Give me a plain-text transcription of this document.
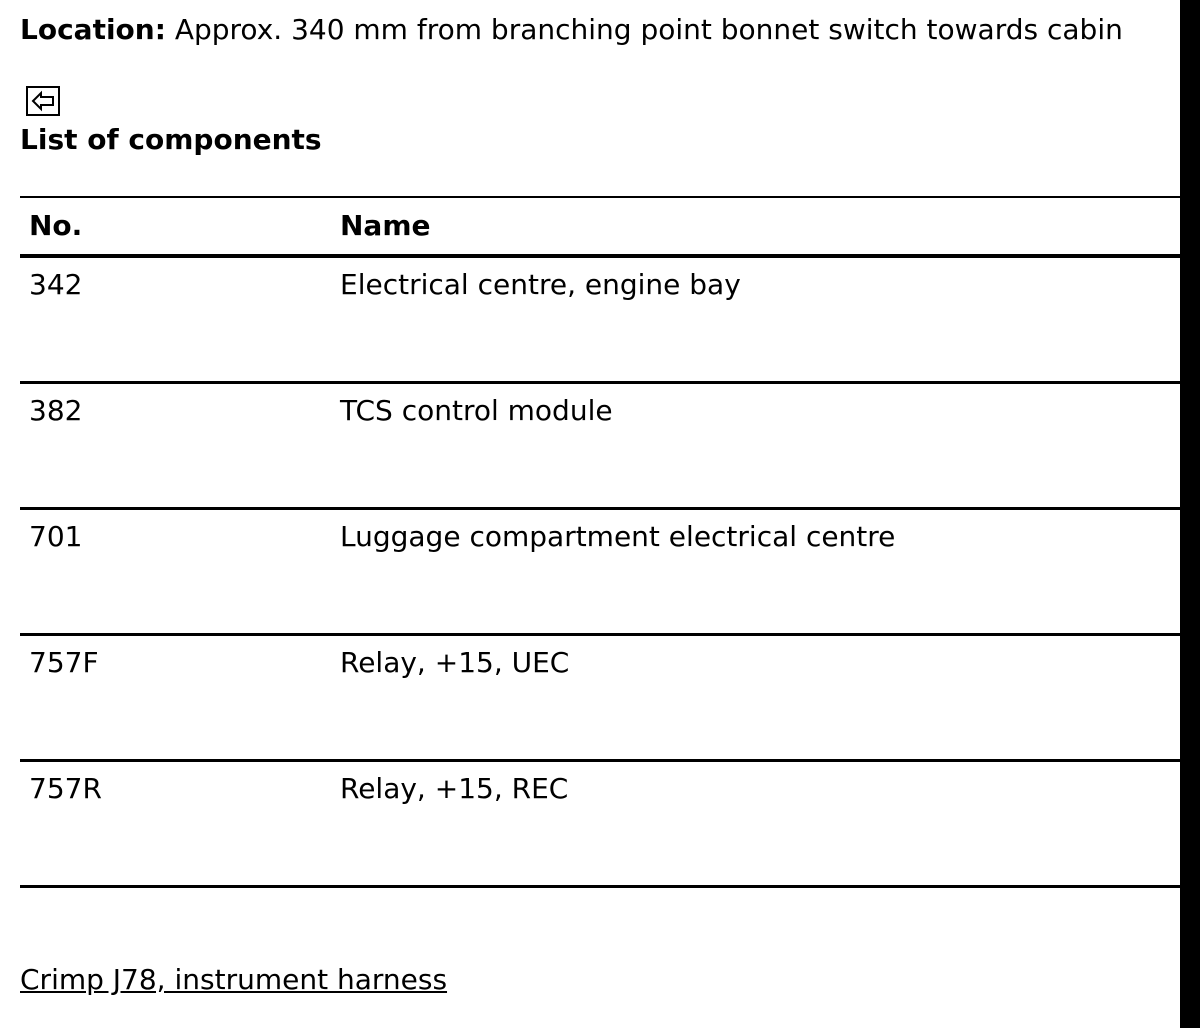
Location: Approx. 340 mm from branching point bonnet switch towards cabin
List of components
No.	Name
342	Electrical centre, engine bay
382	TCS control module
701	Luggage compartment electrical centre
757F	Relay, +15, UEC
757R	Relay, +15, REC
Crimp J78, instrument harness
